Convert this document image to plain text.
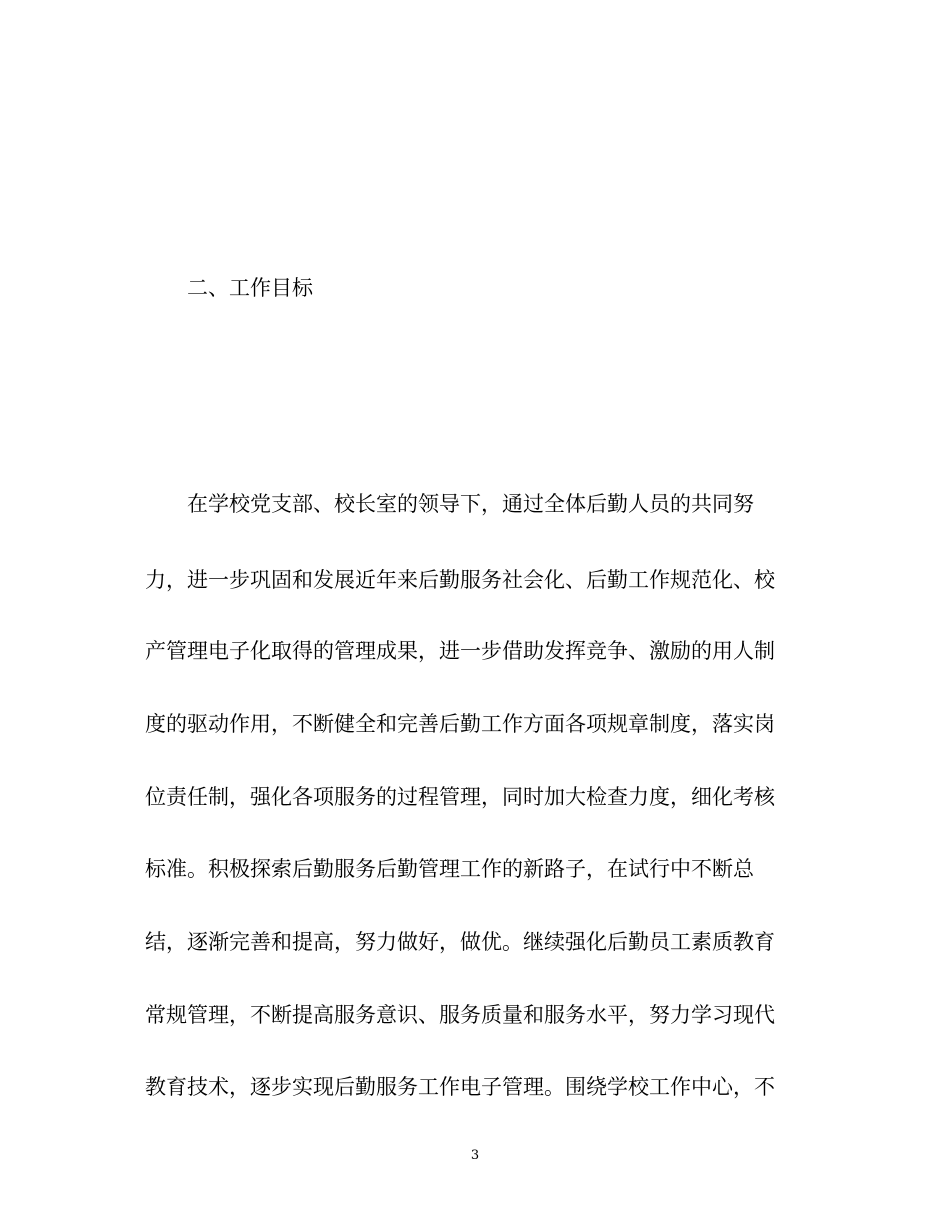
二、工作目标
在学校党支部、校长室的领导下，通过全体后勤人员的共同努
力，进一步巩固和发展近年来后勤服务社会化、后勤工作规范化、校
产管理电子化取得的管理成果，进一步借助发挥竞争、激励的用人制
度的驱动作用，不断健全和完善后勤工作方面各项规章制度，落实岗
位责任制，强化各项服务的过程管理，同时加大检查力度，细化考核
标准。积极探索后勤服务后勤管理工作的新路子，在试行中不断总
结，逐渐完善和提高，努力做好，做优。继续强化后勤员工素质教育
常规管理，不断提高服务意识、服务质量和服务水平，努力学习现代
教育技术，逐步实现后勤服务工作电子管理。围绕学校工作中心，不
3
